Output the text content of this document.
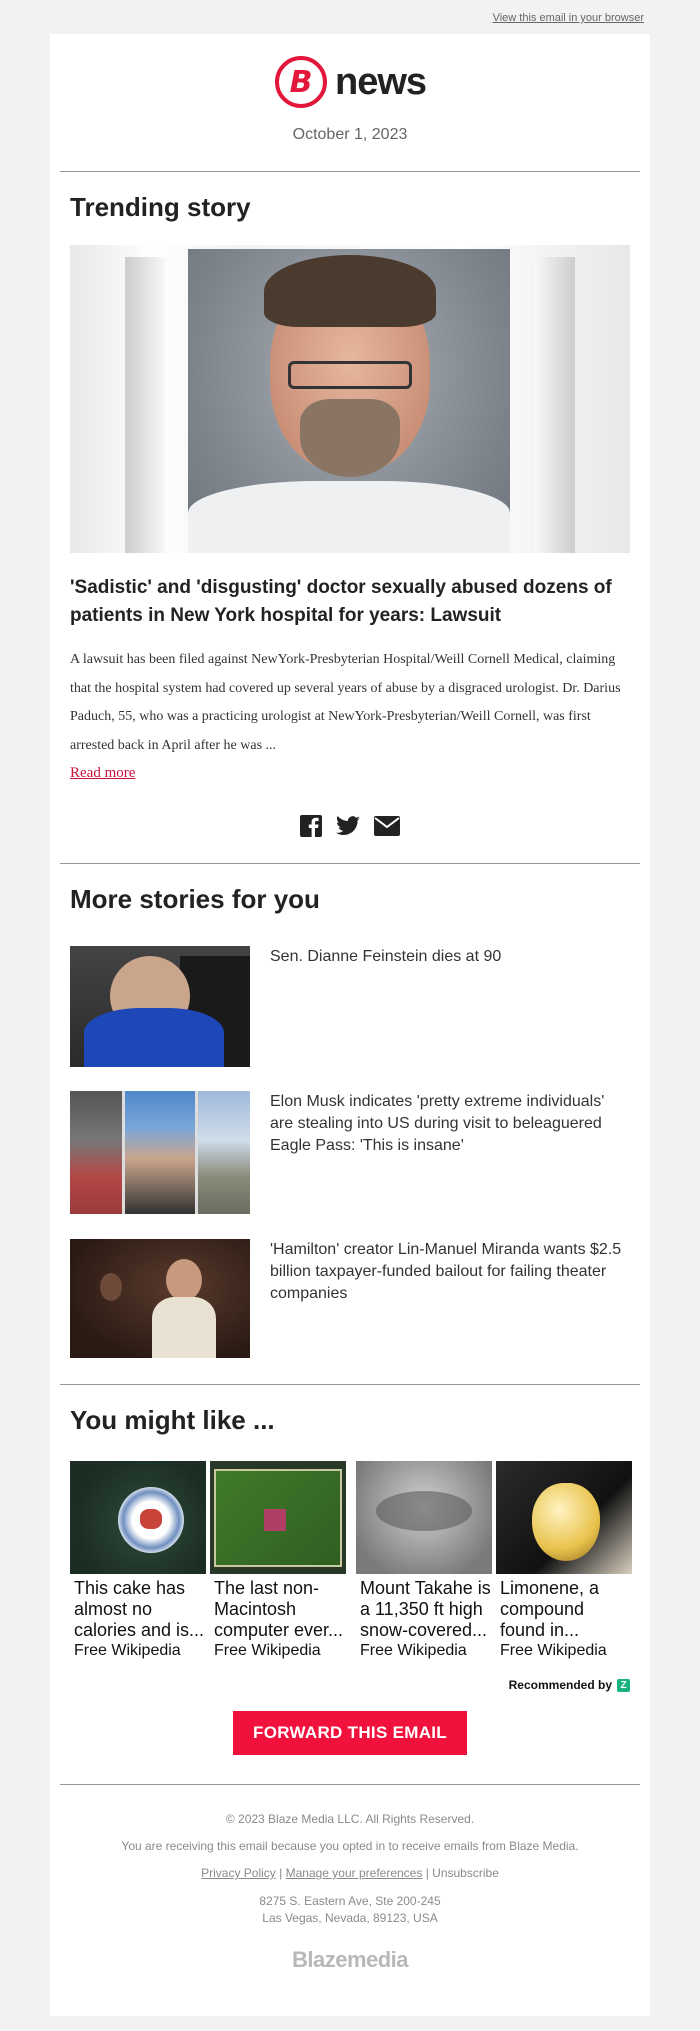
View this email in your browser
B news
October 1, 2023
Trending story
'Sadistic' and 'disgusting' doctor sexually abused dozens of patients in New York hospital for years: Lawsuit
A lawsuit has been filed against NewYork-Presbyterian Hospital/Weill Cornell Medical, claiming that the hospital system had covered up several years of abuse by a disgraced urologist. Dr. Darius Paduch, 55, who was a practicing urologist at NewYork-Presbyterian/Weill Cornell, was first arrested back in April after he was ...
Read more
More stories for you
Sen. Dianne Feinstein dies at 90
Elon Musk indicates 'pretty extreme individuals' are stealing into US during visit to beleaguered Eagle Pass: 'This is insane'
'Hamilton' creator Lin-Manuel Miranda wants $2.5 billion taxpayer-funded bailout for failing theater companies
You might like ...
This cake has almost no calories and is...
Free Wikipedia
The last non-Macintosh computer ever...
Free Wikipedia
Mount Takahe is a 11,350 ft high snow-covered...
Free Wikipedia
Limonene, a compound found in...
Free Wikipedia
Recommended by Z
FORWARD THIS EMAIL
© 2023 Blaze Media LLC. All Rights Reserved.
You are receiving this email because you opted in to receive emails from Blaze Media.
Privacy Policy | Manage your preferences | Unsubscribe
8275 S. Eastern Ave, Ste 200-245
Las Vegas, Nevada, 89123, USA
Blazemedia
